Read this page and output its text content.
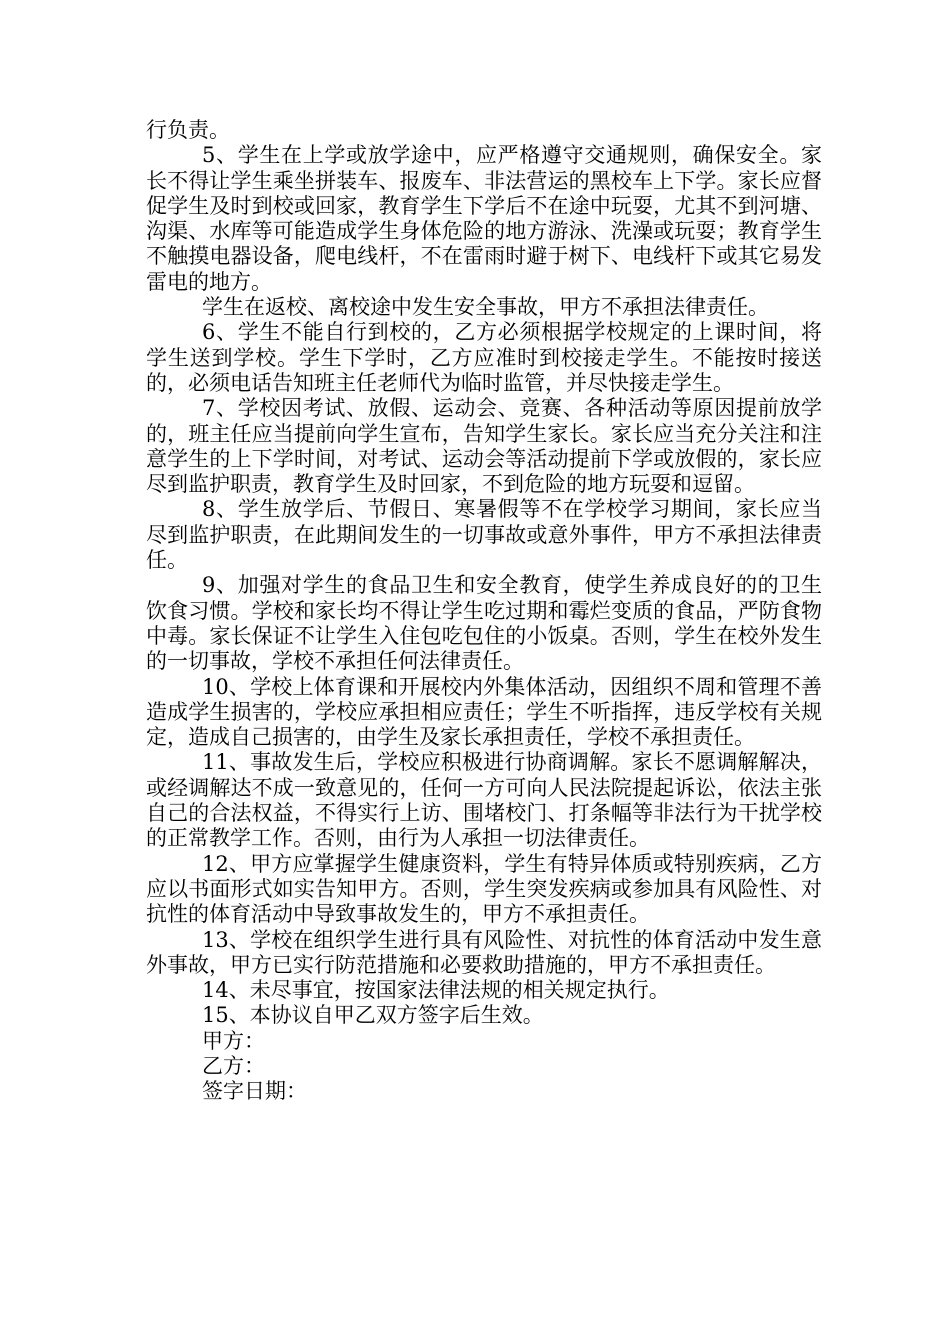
行负责。

5、学生在上学或放学途中，应严格遵守交通规则，确保安全。家长不得让学生乘坐拼装车、报废车、非法营运的黑校车上下学。家长应督促学生及时到校或回家，教育学生下学后不在途中玩耍，尤其不到河塘、沟渠、水库等可能造成学生身体危险的地方游泳、洗澡或玩耍；教育学生不触摸电器设备，爬电线杆，不在雷雨时避于树下、电线杆下或其它易发雷电的地方。

学生在返校、离校途中发生安全事故，甲方不承担法律责任。

6、学生不能自行到校的，乙方必须根据学校规定的上课时间，将学生送到学校。学生下学时，乙方应准时到校接走学生。不能按时接送的，必须电话告知班主任老师代为临时监管，并尽快接走学生。

7、学校因考试、放假、运动会、竞赛、各种活动等原因提前放学的，班主任应当提前向学生宣布，告知学生家长。家长应当充分关注和注意学生的上下学时间，对考试、运动会等活动提前下学或放假的，家长应尽到监护职责，教育学生及时回家，不到危险的地方玩耍和逗留。

8、学生放学后、节假日、寒暑假等不在学校学习期间，家长应当尽到监护职责，在此期间发生的一切事故或意外事件，甲方不承担法律责任。

9、加强对学生的食品卫生和安全教育，使学生养成良好的的卫生饮食习惯。学校和家长均不得让学生吃过期和霉烂变质的食品，严防食物中毒。家长保证不让学生入住包吃包住的小饭桌。否则，学生在校外发生的一切事故，学校不承担任何法律责任。

10、学校上体育课和开展校内外集体活动，因组织不周和管理不善造成学生损害的，学校应承担相应责任；学生不听指挥，违反学校有关规定，造成自己损害的，由学生及家长承担责任，学校不承担责任。

11、事故发生后，学校应积极进行协商调解。家长不愿调解解决，或经调解达不成一致意见的，任何一方可向人民法院提起诉讼，依法主张自己的合法权益，不得实行上访、围堵校门、打条幅等非法行为干扰学校的正常教学工作。否则，由行为人承担一切法律责任。

12、甲方应掌握学生健康资料，学生有特异体质或特别疾病，乙方应以书面形式如实告知甲方。否则，学生突发疾病或参加具有风险性、对抗性的体育活动中导致事故发生的，甲方不承担责任。

13、学校在组织学生进行具有风险性、对抗性的体育活动中发生意外事故，甲方已实行防范措施和必要救助措施的，甲方不承担责任。

14、未尽事宜，按国家法律法规的相关规定执行。

15、本协议自甲乙双方签字后生效。

甲方：

乙方：

签字日期：
